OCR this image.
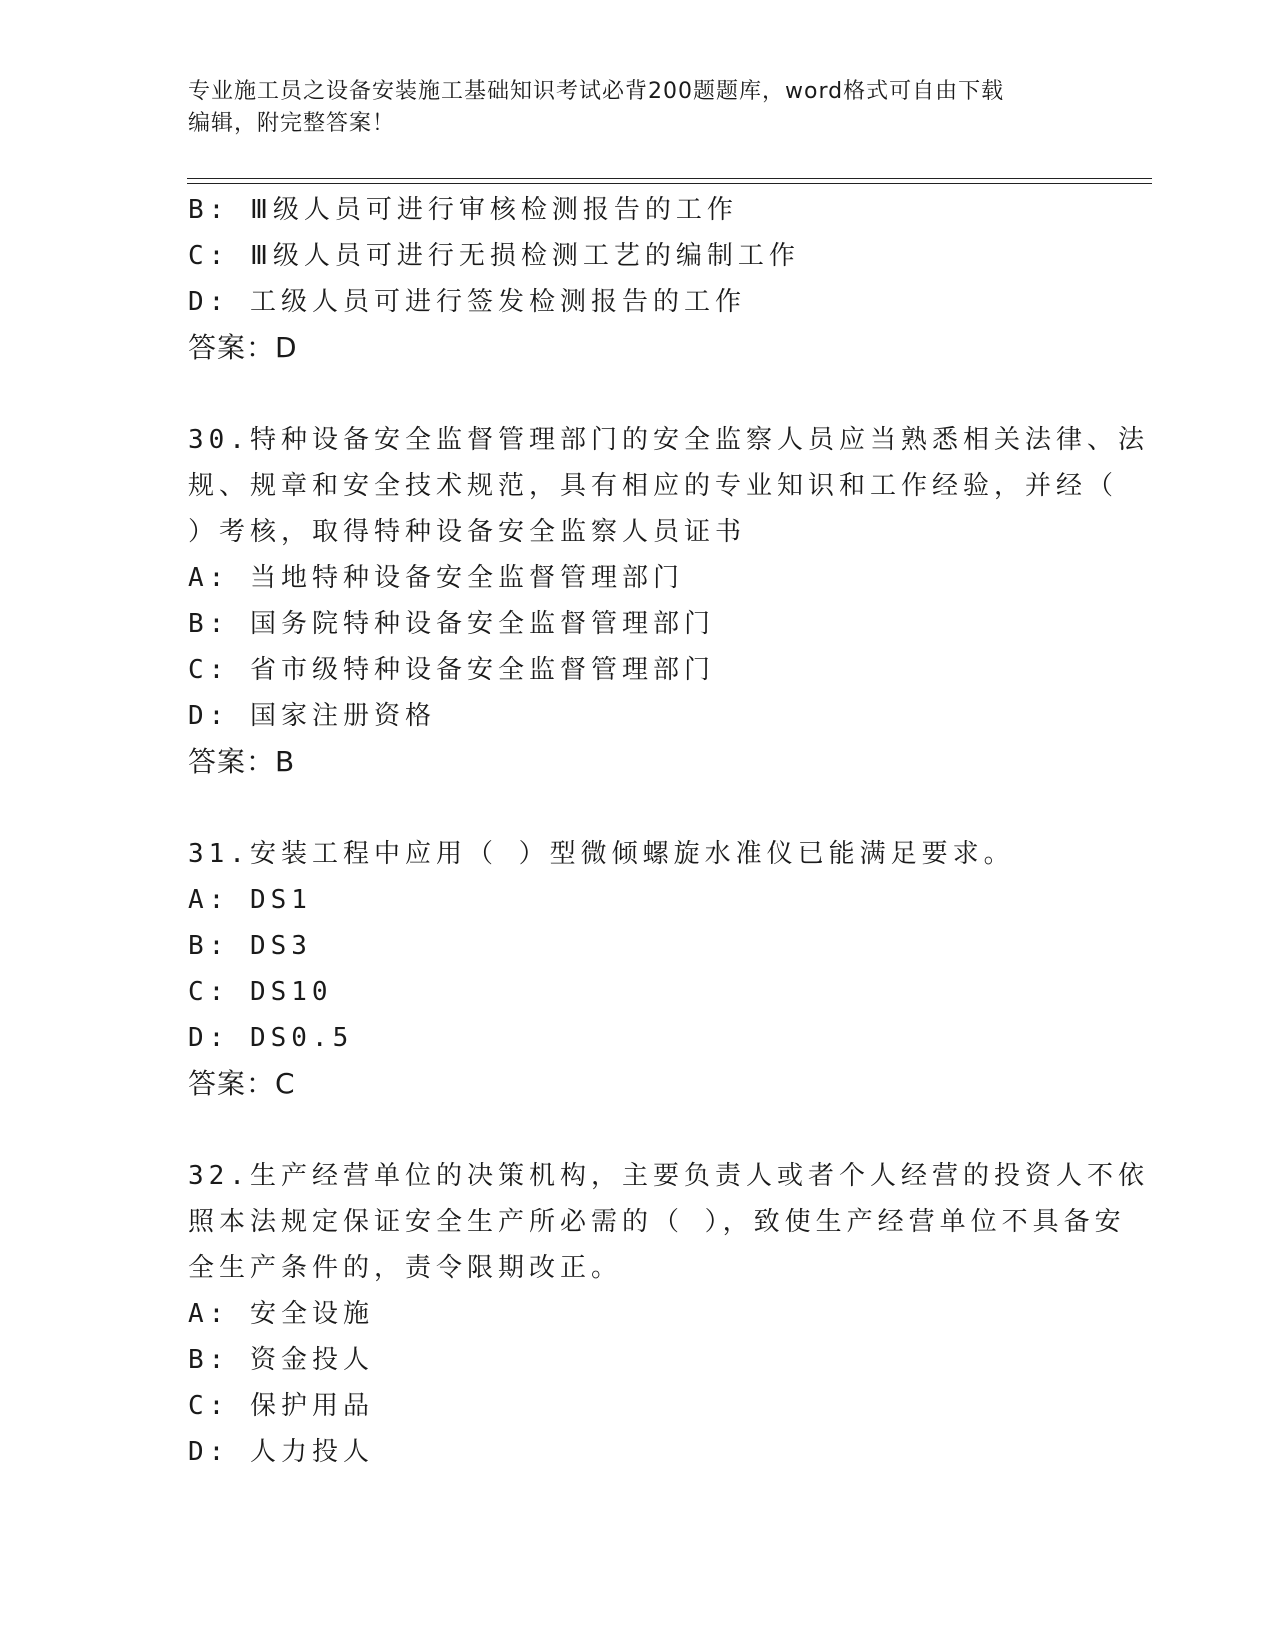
专业施工员之设备安装施工基础知识考试必背200题题库，word格式可自由下载
编辑，附完整答案！
B: Ⅲ级人员可进行审核检测报告的工作
C: Ⅲ级人员可进行无损检测工艺的编制工作
D: 工级人员可进行签发检测报告的工作
答案：D
30.特种设备安全监督管理部门的安全监察人员应当熟悉相关法律、法
规、规章和安全技术规范，具有相应的专业知识和工作经验，并经（
）考核，取得特种设备安全监察人员证书
A: 当地特种设备安全监督管理部门
B: 国务院特种设备安全监督管理部门
C: 省市级特种设备安全监督管理部门
D: 国家注册资格
答案：B
31.安装工程中应用（ ）型微倾螺旋水准仪已能满足要求。
A: DS1
B: DS3
C: DS10
D: DS0.5
答案：C
32.生产经营单位的决策机构，主要负责人或者个人经营的投资人不依
照本法规定保证安全生产所必需的（ ），致使生产经营单位不具备安
全生产条件的，责令限期改正。
A: 安全设施
B: 资金投人
C: 保护用品
D: 人力投人
